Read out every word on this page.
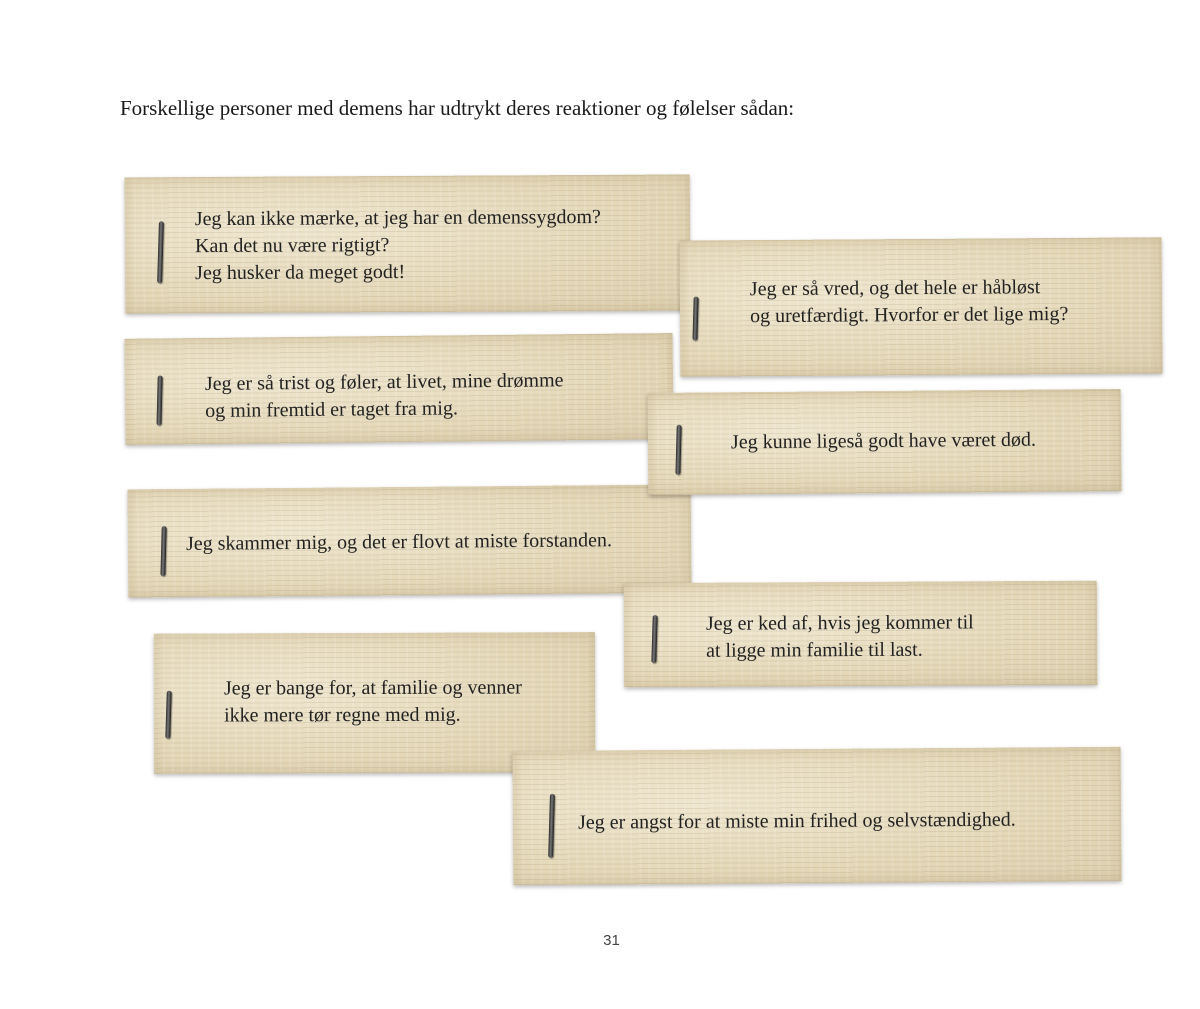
Forskellige personer med demens har udtrykt deres reaktioner og følelser sådan:
Jeg kan ikke mærke, at jeg har en demenssygdom?
Kan det nu være rigtigt?
Jeg husker da meget godt!
Jeg er så trist og føler, at livet, mine drømme
og min fremtid er taget fra mig.
Jeg skammer mig, og det er flovt at miste forstanden.
Jeg er så vred, og det hele er håbløst
og uretfærdigt. Hvorfor er det lige mig?
Jeg kunne ligeså godt have været død.
Jeg er ked af, hvis jeg kommer til
at ligge min familie til last.
Jeg er bange for, at familie og venner
ikke mere tør regne med mig.
Jeg er angst for at miste min frihed og selvstændighed.
31
